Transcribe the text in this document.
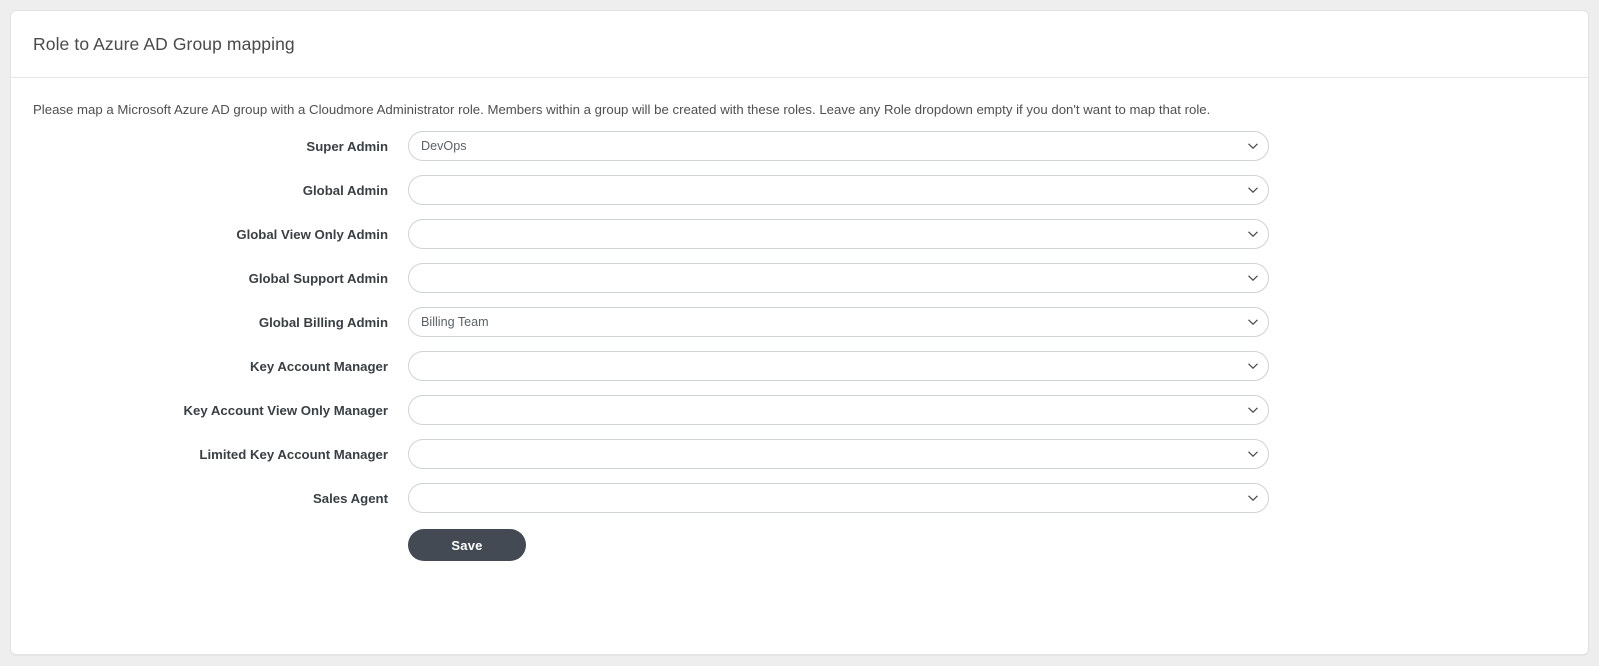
Role to Azure AD Group mapping

Please map a Microsoft Azure AD group with a Cloudmore Administrator role. Members within a group will be created with these roles. Leave any Role dropdown empty if you don't want to map that role.

Super Admin
DevOps
Global Admin
Global View Only Admin
Global Support Admin
Global Billing Admin
Billing Team
Key Account Manager
Key Account View Only Manager
Limited Key Account Manager
Sales Agent
Save
